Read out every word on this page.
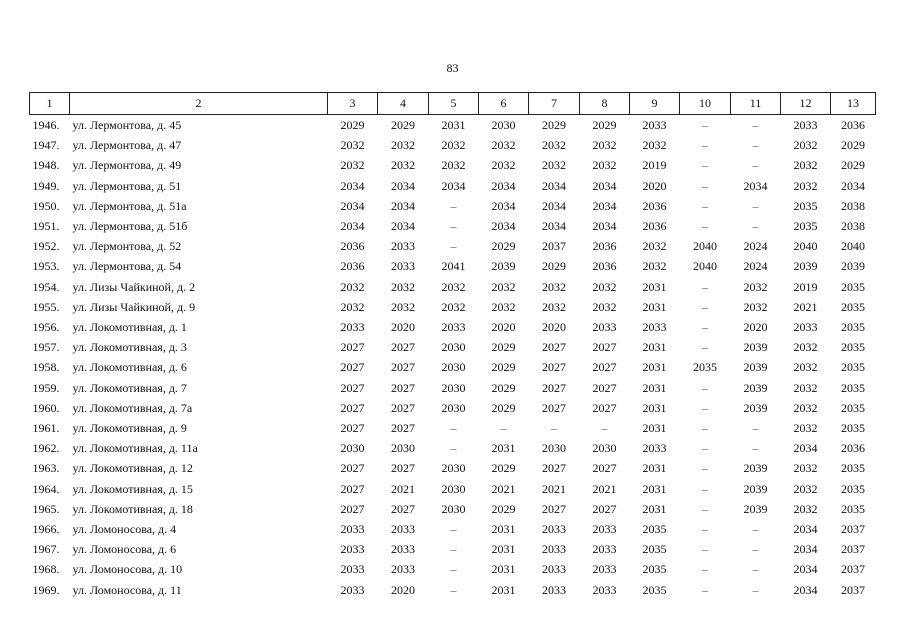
83
1	2	3	4	5	6	7	8	9	10	11	12	13
1946.	ул. Лермонтова, д. 45	2029	2029	2031	2030	2029	2029	2033	–	–	2033	2036
1947.	ул. Лермонтова, д. 47	2032	2032	2032	2032	2032	2032	2032	–	–	2032	2029
1948.	ул. Лермонтова, д. 49	2032	2032	2032	2032	2032	2032	2019	–	–	2032	2029
1949.	ул. Лермонтова, д. 51	2034	2034	2034	2034	2034	2034	2020	–	2034	2032	2034
1950.	ул. Лермонтова, д. 51а	2034	2034	–	2034	2034	2034	2036	–	–	2035	2038
1951.	ул. Лермонтова, д. 51б	2034	2034	–	2034	2034	2034	2036	–	–	2035	2038
1952.	ул. Лермонтова, д. 52	2036	2033	–	2029	2037	2036	2032	2040	2024	2040	2040
1953.	ул. Лермонтова, д. 54	2036	2033	2041	2039	2029	2036	2032	2040	2024	2039	2039
1954.	ул. Лизы Чайкиной, д. 2	2032	2032	2032	2032	2032	2032	2031	–	2032	2019	2035
1955.	ул. Лизы Чайкиной, д. 9	2032	2032	2032	2032	2032	2032	2031	–	2032	2021	2035
1956.	ул. Локомотивная, д. 1	2033	2020	2033	2020	2020	2033	2033	–	2020	2033	2035
1957.	ул. Локомотивная, д. 3	2027	2027	2030	2029	2027	2027	2031	–	2039	2032	2035
1958.	ул. Локомотивная, д. 6	2027	2027	2030	2029	2027	2027	2031	2035	2039	2032	2035
1959.	ул. Локомотивная, д. 7	2027	2027	2030	2029	2027	2027	2031	–	2039	2032	2035
1960.	ул. Локомотивная, д. 7а	2027	2027	2030	2029	2027	2027	2031	–	2039	2032	2035
1961.	ул. Локомотивная, д. 9	2027	2027	–	–	–	–	2031	–	–	2032	2035
1962.	ул. Локомотивная, д. 11а	2030	2030	–	2031	2030	2030	2033	–	–	2034	2036
1963.	ул. Локомотивная, д. 12	2027	2027	2030	2029	2027	2027	2031	–	2039	2032	2035
1964.	ул. Локомотивная, д. 15	2027	2021	2030	2021	2021	2021	2031	–	2039	2032	2035
1965.	ул. Локомотивная, д. 18	2027	2027	2030	2029	2027	2027	2031	–	2039	2032	2035
1966.	ул. Ломоносова, д. 4	2033	2033	–	2031	2033	2033	2035	–	–	2034	2037
1967.	ул. Ломоносова, д. 6	2033	2033	–	2031	2033	2033	2035	–	–	2034	2037
1968.	ул. Ломоносова, д. 10	2033	2033	–	2031	2033	2033	2035	–	–	2034	2037
1969.	ул. Ломоносова, д. 11	2033	2020	–	2031	2033	2033	2035	–	–	2034	2037
